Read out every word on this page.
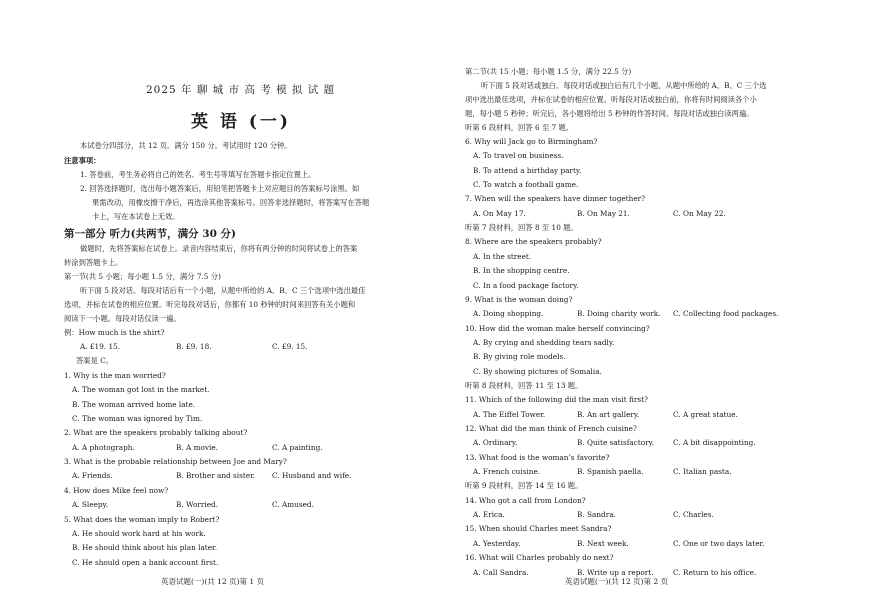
2025 年 聊 城 市 高 考 模 拟 试 题
英 语 (一)
本试卷分四部分，共 12 页。满分 150 分。考试用时 120 分钟。
注意事项：
1. 答卷前，考生务必将自己的姓名、考生号等填写在答题卡指定位置上。
2. 回答选择题时，选出每小题答案后，用铅笔把答题卡上对应题目的答案标号涂黑。如
果需改动，用橡皮擦干净后，再选涂其他答案标号。回答非选择题时，将答案写在答题
卡上，写在本试卷上无效。
第一部分 听力(共两节，满分 30 分)
做题时，先将答案标在试卷上。录音内容结束后，你将有两分钟的时间将试卷上的答案
转涂到答题卡上。
第一节(共 5 小题；每小题 1.5 分，满分 7.5 分)
听下面 5 段对话。每段对话后有一个小题，从题中所给的 A、B、C 三个选项中选出最佳
选项，并标在试卷的相应位置。听完每段对话后，你都有 10 秒钟的时间来回答有关小题和
阅读下一小题。每段对话仅读一遍。
例：How much is the shirt?
A. £19. 15.	B. £9. 18.	C. £9. 15.
答案是 C。
1. Why is the man worried?
A. The woman got lost in the market.
B. The woman arrived home late.
C. The woman was ignored by Tim.
2. What are the speakers probably talking about?
A. A photograph.	B. A movie.	C. A painting.
3. What is the probable relationship between Joe and Mary?
A. Friends.	B. Brother and sister. C. Husband and wife.
4. How does Mike feel now?
A. Sleepy.	B. Worried.	C. Amused.
5. What does the woman imply to Robert?
A. He should work hard at his work.
B. He should think about his plan later.
C. He should open a bank account first.
英语试题(一)(共 12 页)第 1 页
第二节(共 15 小题；每小题 1.5 分，满分 22.5 分)
听下面 5 段对话或独白。每段对话或独白后有几个小题，从题中所给的 A、B、C 三个选
项中选出最佳选项，并标在试卷的相应位置。听每段对话或独白前，你将有时间阅读各个小
题，每小题 5 秒钟；听完后，各小题将给出 5 秒钟的作答时间。每段对话或独白读两遍。
听第 6 段材料，回答 6 至 7 题。
6. Why will Jack go to Birmingham?
A. To travel on business.
B. To attend a birthday party.
C. To watch a football game.
7. When will the speakers have dinner together?
A. On May 17.	B. On May 21.	C. On May 22.
听第 7 段材料，回答 8 至 10 题。
8. Where are the speakers probably?
A. In the street.
B. In the shopping centre.
C. In a food package factory.
9. What is the woman doing?
A. Doing shopping.	B. Doing charity work. C. Collecting food packages.
10. How did the woman make herself convincing?
A. By crying and shedding tears sadly.
B. By giving role models.
C. By showing pictures of Somalia.
听第 8 段材料，回答 11 至 13 题。
11. Which of the following did the man visit first?
A. The Eiffel Tower.	B. An art gallery.	C. A great statue.
12. What did the man think of French cuisine?
A. Ordinary.	B. Quite satisfactory.	C. A bit disappointing.
13. What food is the woman’s favorite?
A. French cuisine.	B. Spanish paella.	C. Italian pasta.
听第 9 段材料，回答 14 至 16 题。
14. Who got a call from London?
A. Erica.	B. Sandra.	C. Charles.
15. When should Charles meet Sandra?
A. Yesterday.	B. Next week.	C. One or two days later.
16. What will Charles probably do next?
A. Call Sandra.	B. Write up a report.	C. Return to his office.
英语试题(一)(共 12 页)第 2 页
